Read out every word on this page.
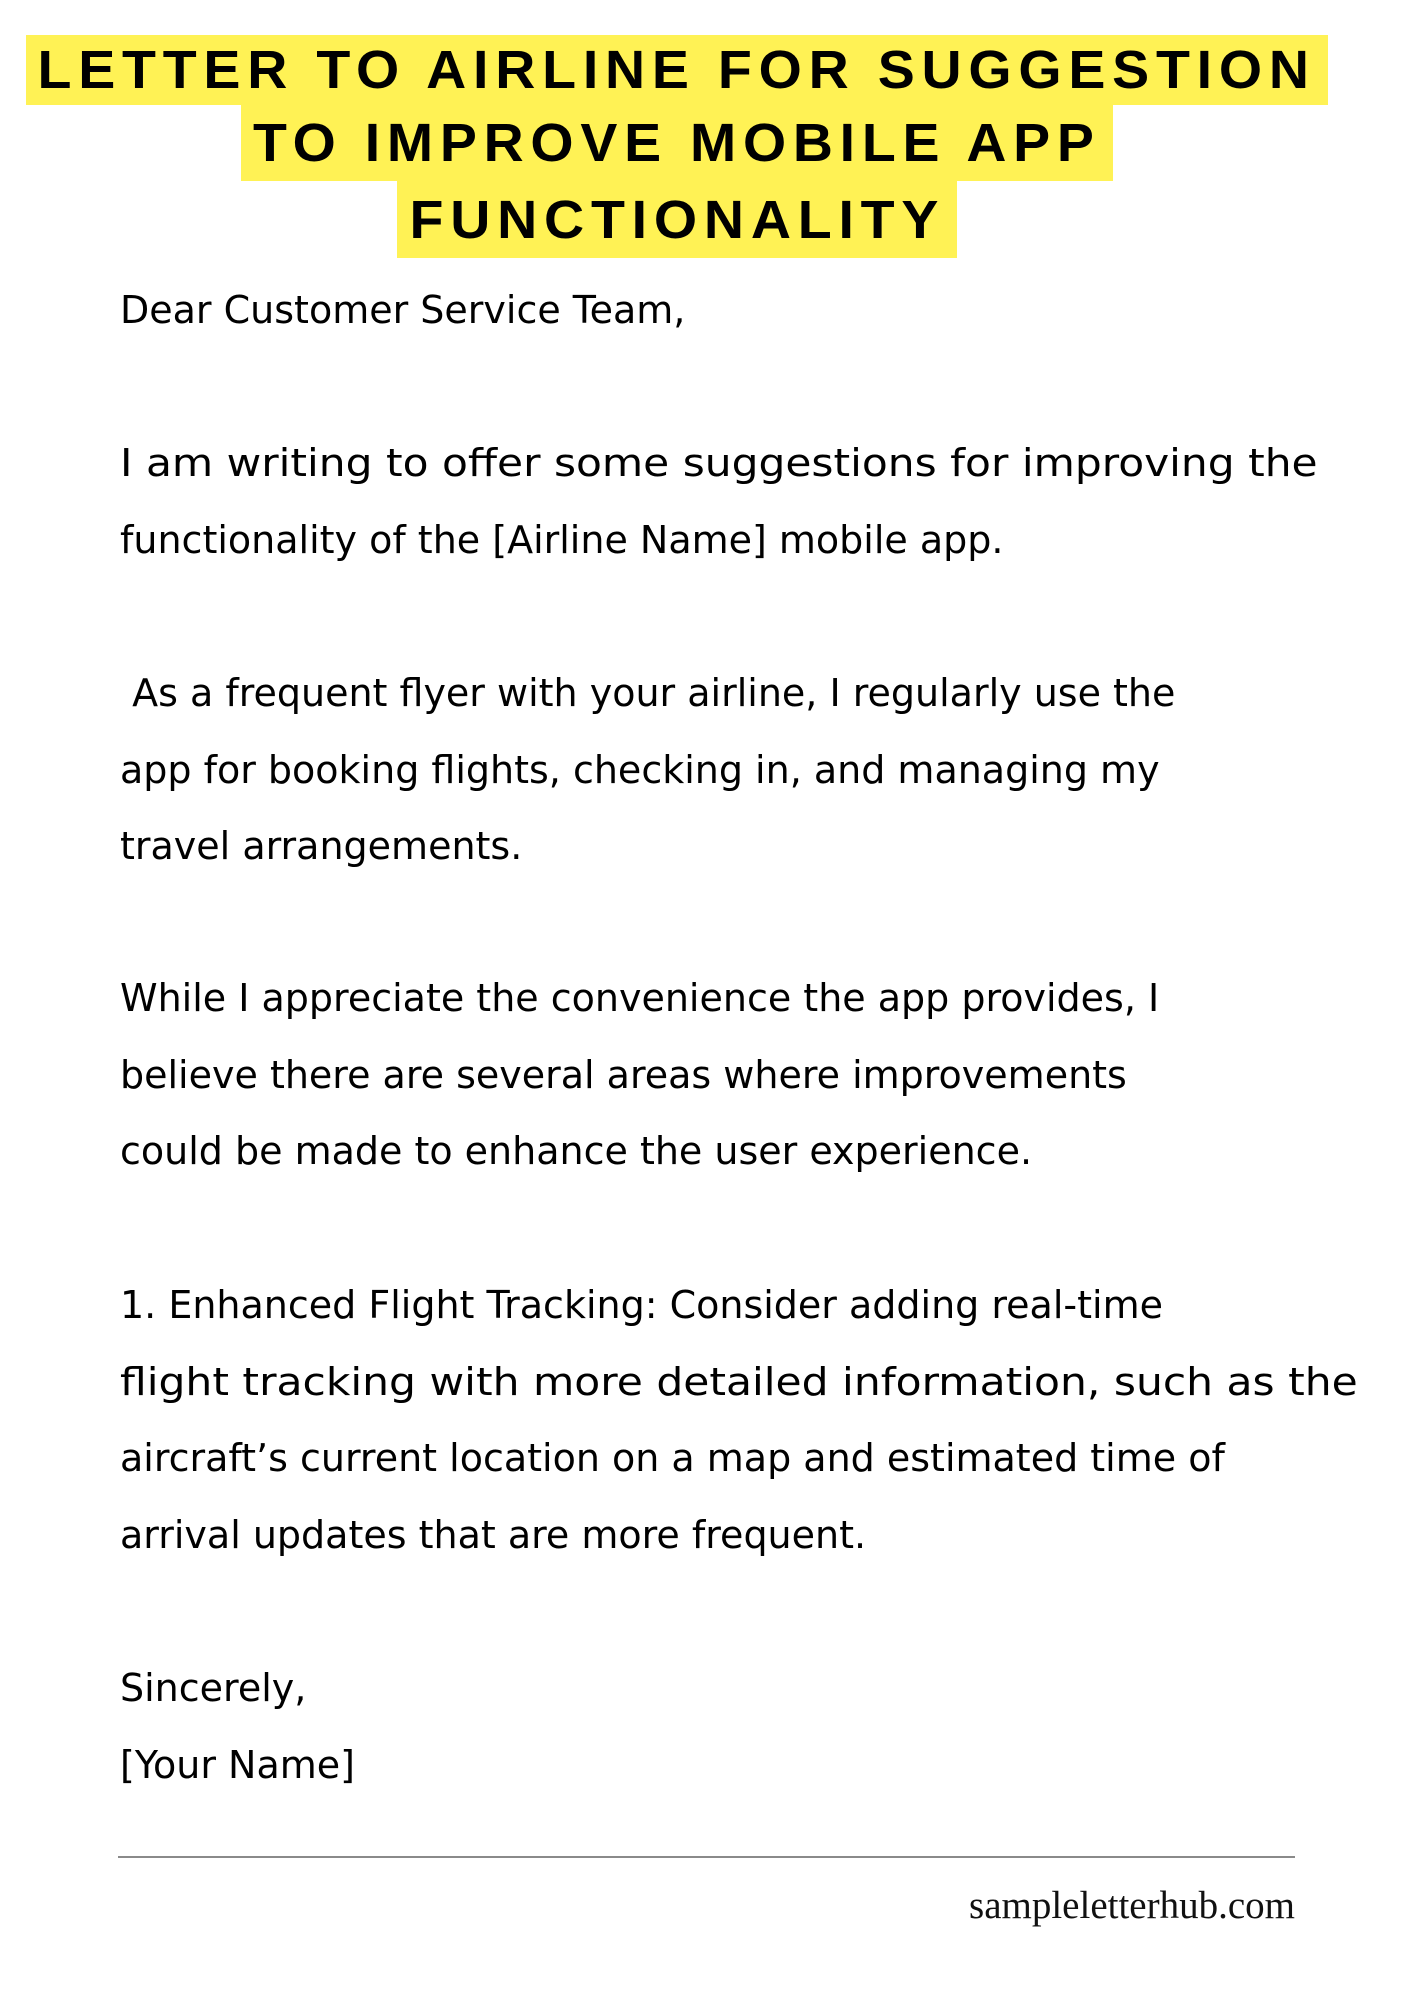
LETTER TO AIRLINE FOR SUGGESTION
TO IMPROVE MOBILE APP
FUNCTIONALITY
Dear Customer Service Team,
I am writing to offer some suggestions for improving the
functionality of the [Airline Name] mobile app.
As a frequent flyer with your airline, I regularly use the
app for booking flights, checking in, and managing my
travel arrangements.
While I appreciate the convenience the app provides, I
believe there are several areas where improvements
could be made to enhance the user experience.
1. Enhanced Flight Tracking: Consider adding real-time
flight tracking with more detailed information, such as the
aircraft’s current location on a map and estimated time of
arrival updates that are more frequent.
Sincerely,
[Your Name]
sampleletterhub.com
